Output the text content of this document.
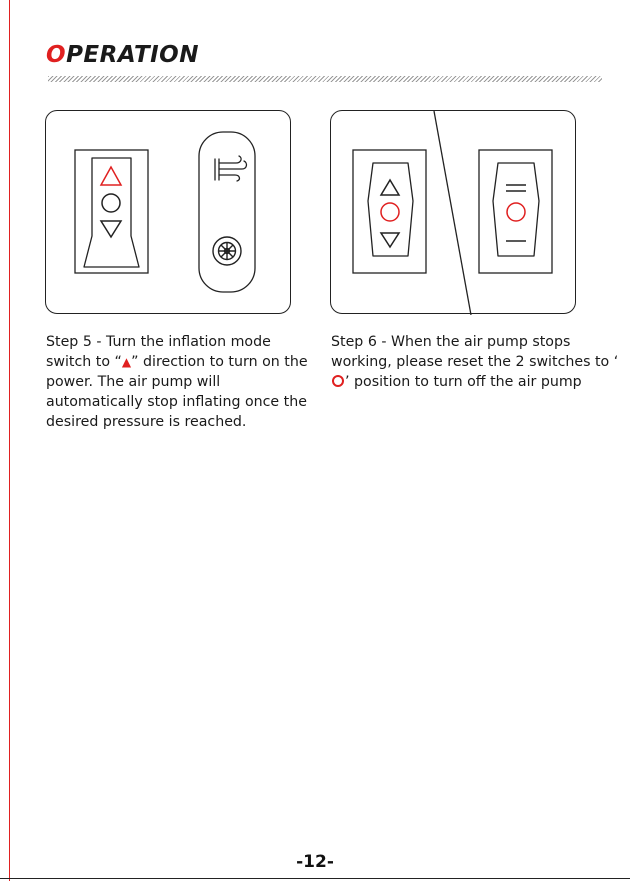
OPERATION

Step 5 - Turn the inflation mode switch to “▲” direction to turn on the power. The air pump will automatically stop inflating once the desired pressure is reached.

Step 6 - When the air pump stops working, please reset the 2 switches to ‘’ position to turn off the air pump

-12-
